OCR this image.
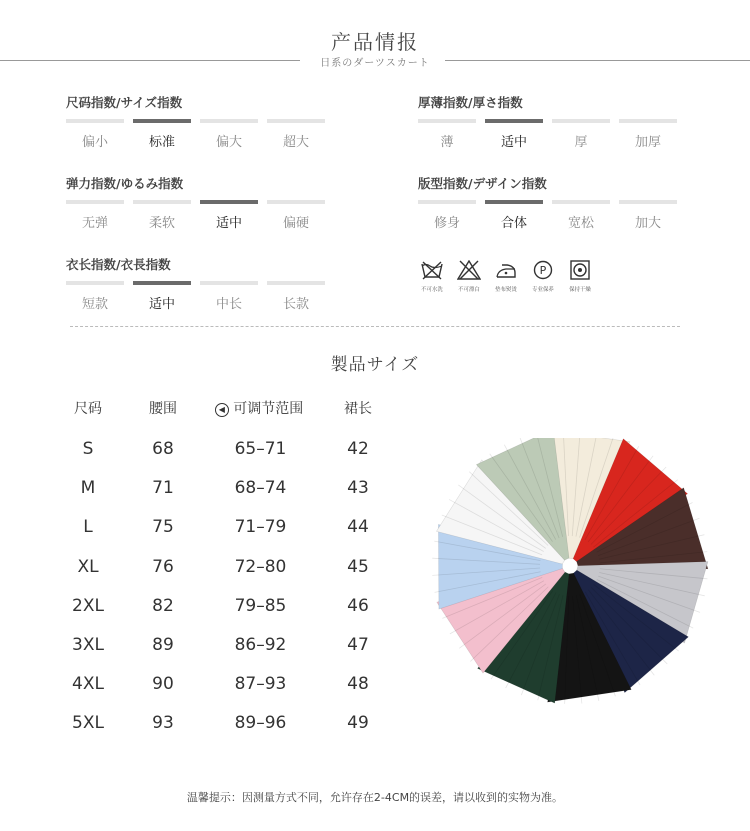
产品情报
日系のダーツスカート
尺码指数/サイズ指数
偏小	标准	偏大	超大
厚薄指数/厚さ指数
薄	适中	厚	加厚
弹力指数/ゆるみ指数
无弹	柔软	适中	偏硬
版型指数/デザイン指数
修身	合体	宽松	加大
衣长指数/衣長指数
短款	适中	中长	长款
不可水洗	不可漂白	垫布熨烫
P
专业保养	保持干燥
製品サイズ
尺码	腰围	◀ 可调节范围	裙长
S	68	65–71	42
M	71	68–74	43
L	75	71–79	44
XL	76	72–80	45
2XL	82	79–85	46
3XL	89	86–92	47
4XL	90	87–93	48
5XL	93	89–96	49
温馨提示：因测量方式不同，允许存在2-4CM的误差，请以收到的实物为准。
